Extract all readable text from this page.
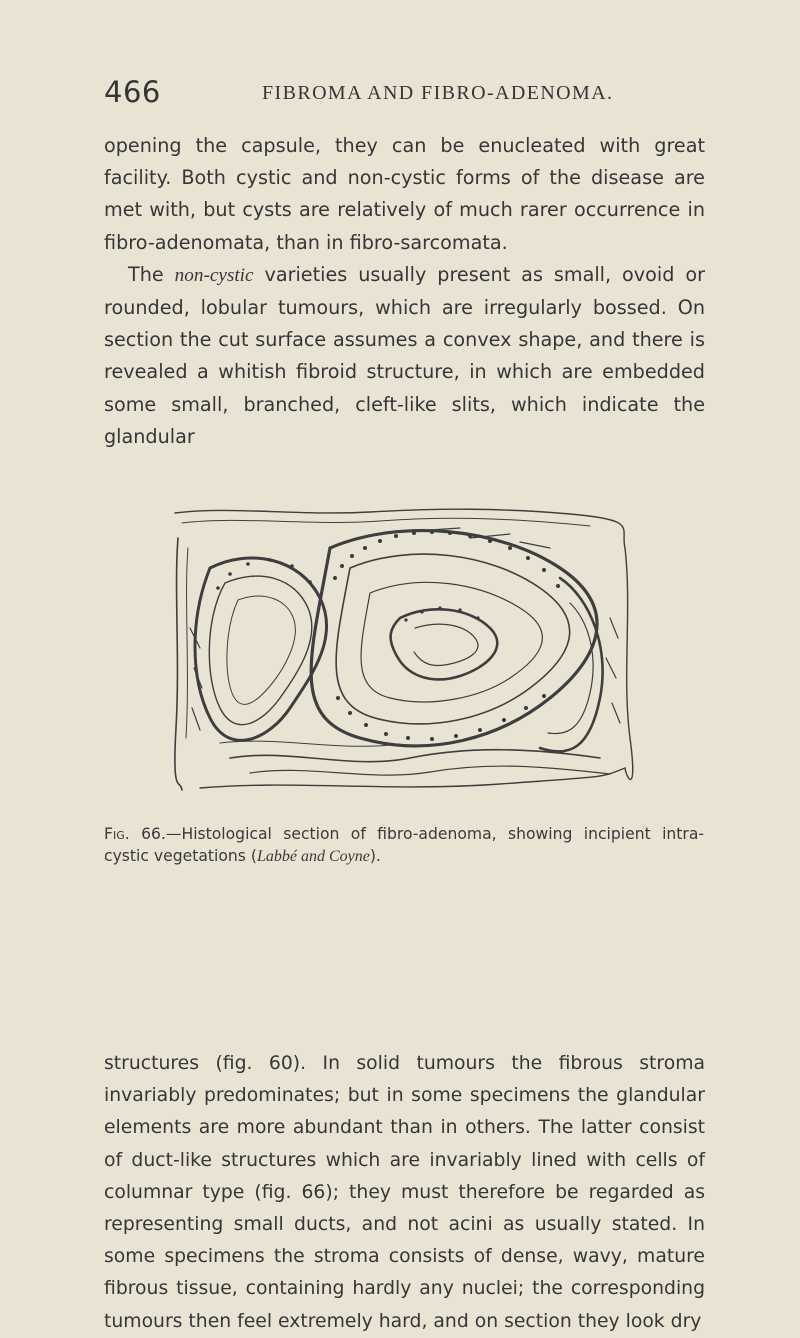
466	FIBROMA AND FIBRO-ADENOMA.

opening the capsule, they can be enucleated with great facility. Both cystic and non-cystic forms of the disease are met with, but cysts are relatively of much rarer occurrence in fibro-adenomata, than in fibro-sarcomata.

The non-cystic varieties usually present as small, ovoid or rounded, lobular tumours, which are irregularly bossed. On section the cut surface assumes a convex shape, and there is revealed a whitish fibroid structure, in which are embedded some small, branched, cleft-like slits, which indicate the glandular

Fig. 66.—Histological section of fibro-adenoma, showing incipient intra-cystic vegetations (Labbé and Coyne).

structures (fig. 60). In solid tumours the fibrous stroma invariably predominates; but in some specimens the glandular elements are more abundant than in others. The latter consist of duct-like structures which are invariably lined with cells of columnar type (fig. 66); they must therefore be regarded as representing small ducts, and not acini as usually stated. In some specimens the stroma consists of dense, wavy, mature fibrous tissue, containing hardly any nuclei; the corresponding tumours then feel extremely hard, and on section they look dry
